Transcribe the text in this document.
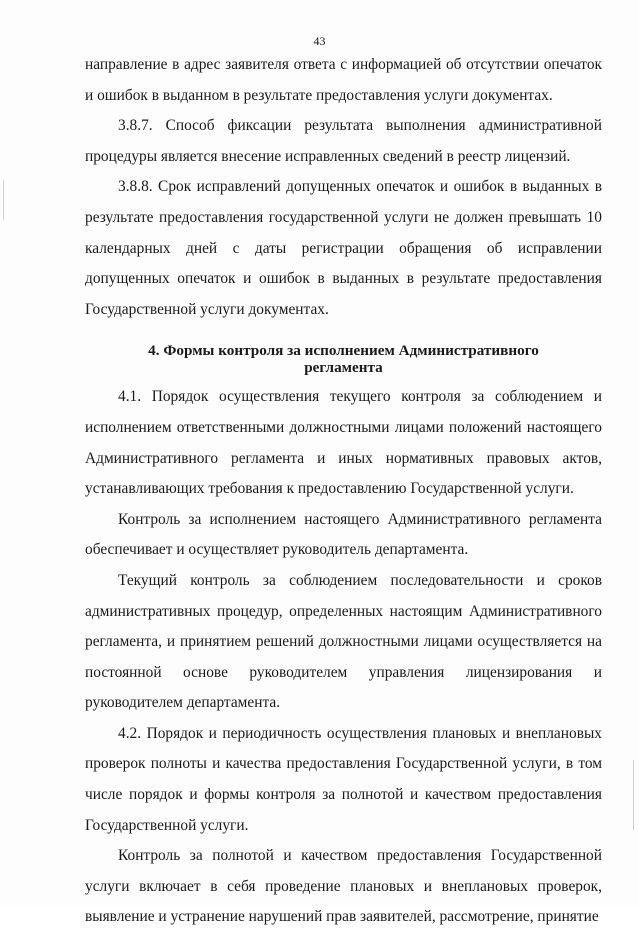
43

направление в адрес заявителя ответа с информацией об отсутствии опечаток и ошибок в выданном в результате предоставления услуги документах.

3.8.7. Способ фиксации результата выполнения административной процедуры является внесение исправленных сведений в реестр лицензий.

3.8.8. Срок исправлений допущенных опечаток и ошибок в выданных в результате предоставления государственной услуги не должен превышать 10 календарных дней с даты регистрации обращения об исправлении допущенных опечаток и ошибок в выданных в результате предоставления Государственной услуги документах.

4. Формы контроля за исполнением Административного
регламента

4.1. Порядок осуществления текущего контроля за соблюдением и исполнением ответственными должностными лицами положений настоящего Административного регламента и иных нормативных правовых актов, устанавливающих требования к предоставлению Государственной услуги.

Контроль за исполнением настоящего Административного регламента обеспечивает и осуществляет руководитель департамента.

Текущий контроль за соблюдением последовательности и сроков административных процедур, определенных настоящим Административного регламента, и принятием решений должностными лицами осуществляется на постоянной основе руководителем управления лицензирования и руководителем департамента.

4.2. Порядок и периодичность осуществления плановых и внеплановых проверок полноты и качества предоставления Государственной услуги, в том числе порядок и формы контроля за полнотой и качеством предоставления Государственной услуги.

Контроль за полнотой и качеством предоставления Государственной услуги включает в себя проведение плановых и внеплановых проверок, выявление и устранение нарушений прав заявителей, рассмотрение, принятие
